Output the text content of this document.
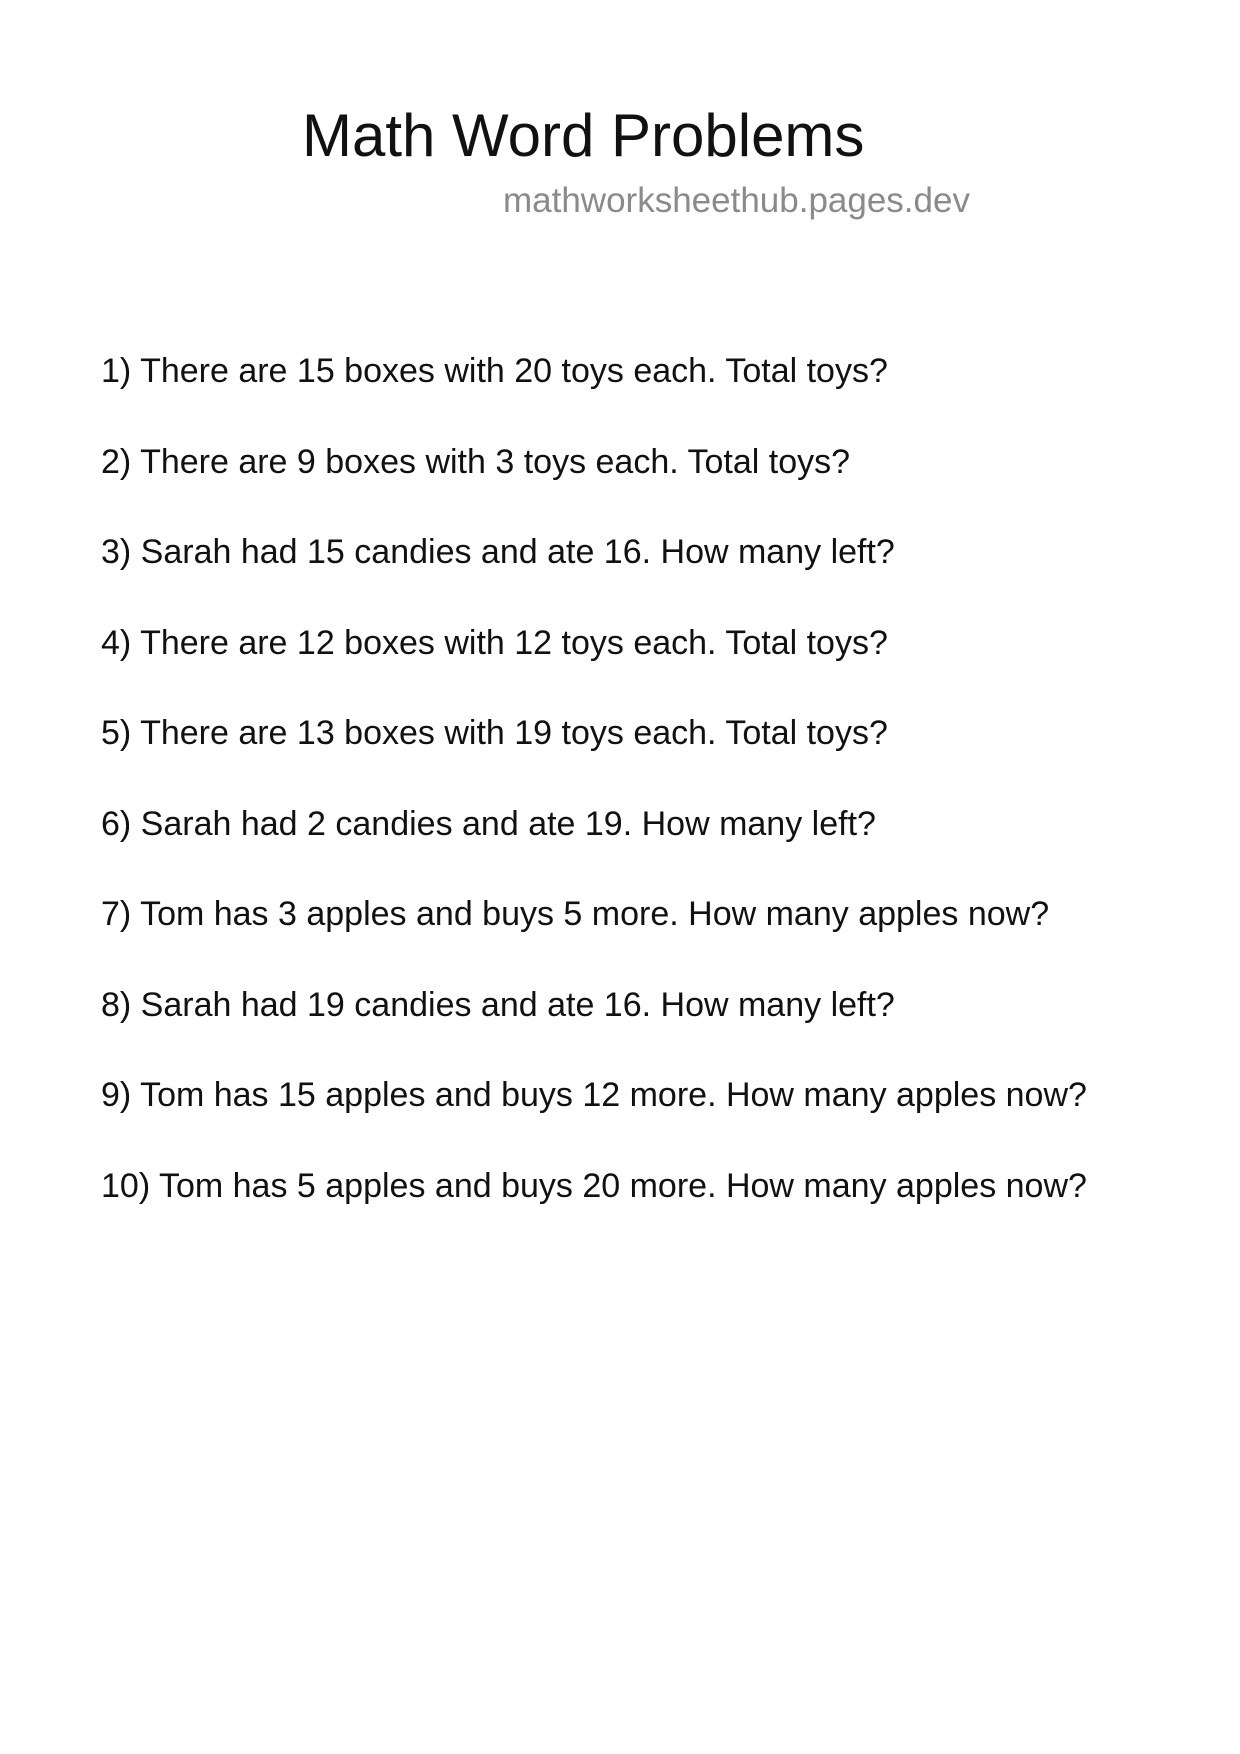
Math Word Problems
mathworksheethub.pages.dev
1) There are 15 boxes with 20 toys each. Total toys?
2) There are 9 boxes with 3 toys each. Total toys?
3) Sarah had 15 candies and ate 16. How many left?
4) There are 12 boxes with 12 toys each. Total toys?
5) There are 13 boxes with 19 toys each. Total toys?
6) Sarah had 2 candies and ate 19. How many left?
7) Tom has 3 apples and buys 5 more. How many apples now?
8) Sarah had 19 candies and ate 16. How many left?
9) Tom has 15 apples and buys 12 more. How many apples now?
10) Tom has 5 apples and buys 20 more. How many apples now?
